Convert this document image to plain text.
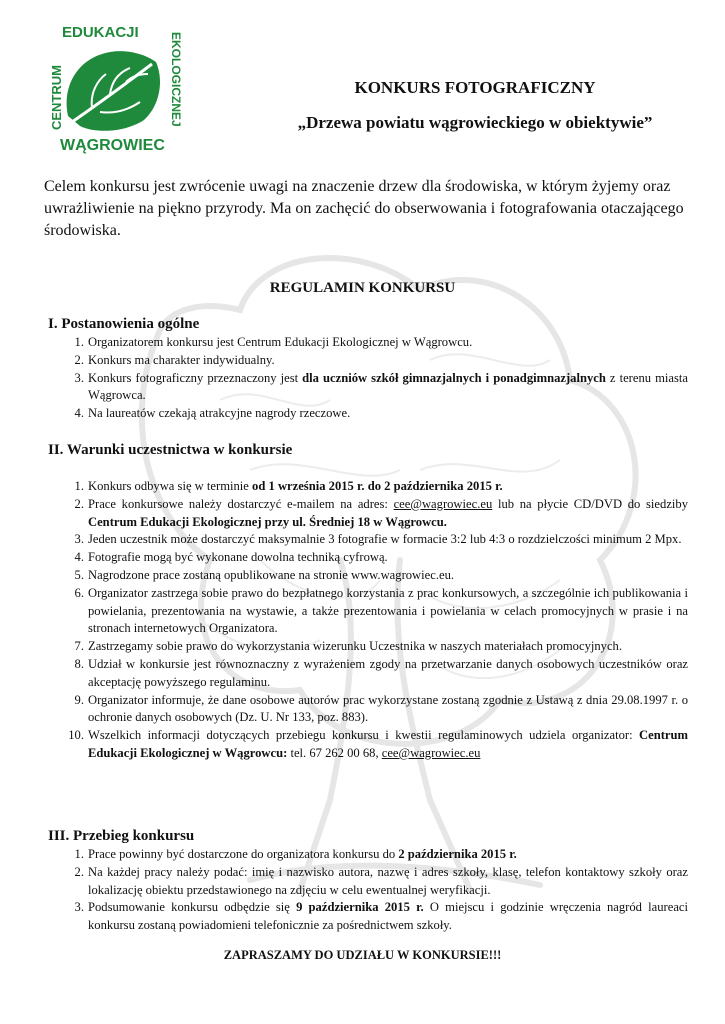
EDUKACJI
CENTRUM	EKOLOGICZNEJ
WĄGROWIEC
KONKURS FOTOGRAFICZNY
„Drzewa powiatu wągrowieckiego w obiektywie”

Celem konkursu jest zwrócenie uwagi na znaczenie drzew dla środowiska, w którym żyjemy oraz uwrażliwienie na piękno przyrody. Ma on zachęcić do obserwowania i fotografowania otaczającego środowiska.

REGULAMIN KONKURSU

I. Postanowienia ogólne

1. Organizatorem konkursu jest Centrum Edukacji Ekologicznej w Wągrowcu.
2. Konkurs ma charakter indywidualny.
3. Konkurs fotograficzny przeznaczony jest dla uczniów szkół gimnazjalnych i ponadgimnazjalnych z terenu miasta Wągrowca.
4. Na laureatów czekają atrakcyjne nagrody rzeczowe.

II. Warunki uczestnictwa w konkursie

1. Konkurs odbywa się w terminie od 1 września 2015 r. do 2 października 2015 r.
2. Prace konkursowe należy dostarczyć e-mailem na adres: cee@wagrowiec.eu lub na płycie CD/DVD do siedziby Centrum Edukacji Ekologicznej przy ul. Średniej 18 w Wągrowcu.
3. Jeden uczestnik może dostarczyć maksymalnie 3 fotografie w formacie 3:2 lub 4:3 o rozdzielczości minimum 2 Mpx.
4. Fotografie mogą być wykonane dowolna techniką cyfrową.
5. Nagrodzone prace zostaną opublikowane na stronie www.wagrowiec.eu.
6. Organizator zastrzega sobie prawo do bezpłatnego korzystania z prac konkursowych, a szczególnie ich publikowania i powielania, prezentowania na wystawie, a także prezentowania i powielania w celach promocyjnych w prasie i na stronach internetowych Organizatora.
7. Zastrzegamy sobie prawo do wykorzystania wizerunku Uczestnika w naszych materiałach promocyjnych.
8. Udział w konkursie jest równoznaczny z wyrażeniem zgody na przetwarzanie danych osobowych uczestników oraz akceptację powyższego regulaminu.
9. Organizator informuje, że dane osobowe autorów prac wykorzystane zostaną zgodnie z Ustawą z dnia 29.08.1997 r. o ochronie danych osobowych (Dz. U. Nr 133, poz. 883).
10. Wszelkich informacji dotyczących przebiegu konkursu i kwestii regulaminowych udziela organizator: Centrum Edukacji Ekologicznej w Wągrowcu: tel. 67 262 00 68, cee@wagrowiec.eu

III. Przebieg konkursu

1. Prace powinny być dostarczone do organizatora konkursu do 2 października 2015 r.
2. Na każdej pracy należy podać: imię i nazwisko autora, nazwę i adres szkoły, klasę, telefon kontaktowy szkoły oraz lokalizację obiektu przedstawionego na zdjęciu w celu ewentualnej weryfikacji.
3. Podsumowanie konkursu odbędzie się 9 października 2015 r. O miejscu i godzinie wręczenia nagród laureaci konkursu zostaną powiadomieni telefonicznie za pośrednictwem szkoły.

ZAPRASZAMY DO UDZIAŁU W KONKURSIE!!!
